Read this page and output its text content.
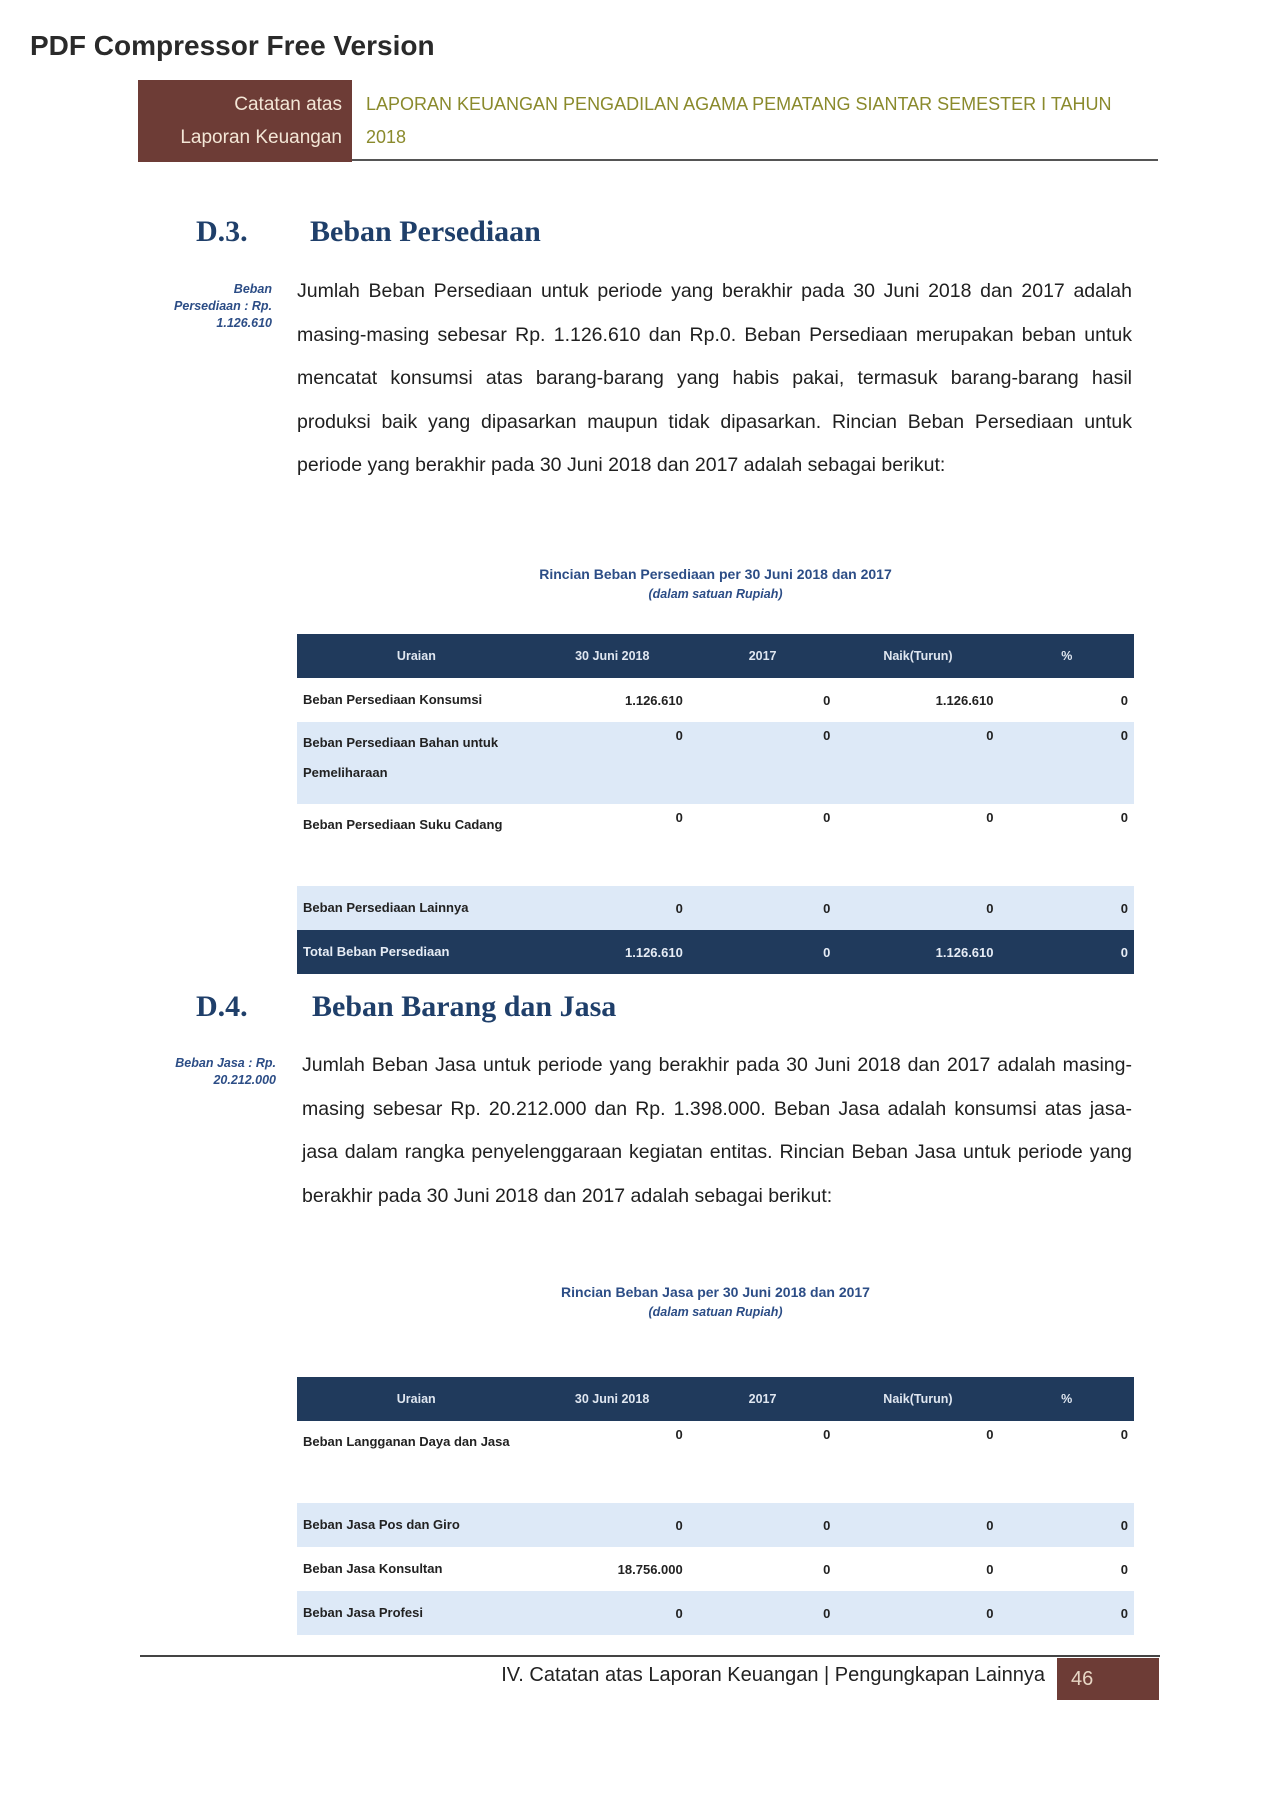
PDF Compressor Free Version
Catatan atas
Laporan Keuangan
LAPORAN KEUANGAN PENGADILAN AGAMA PEMATANG SIANTAR SEMESTER I TAHUN
2018
D.3. Beban Persediaan
Beban
Persediaan : Rp.
1.126.610
Jumlah Beban Persediaan untuk periode yang berakhir pada 30 Juni 2018 dan 2017 adalah masing-masing sebesar Rp. 1.126.610 dan Rp.0. Beban Persediaan merupakan beban untuk mencatat konsumsi atas barang-barang yang habis pakai, termasuk barang-barang hasil produksi baik yang dipasarkan maupun tidak dipasarkan. Rincian Beban Persediaan untuk periode yang berakhir pada 30 Juni 2018 dan 2017 adalah sebagai berikut:
Rincian Beban Persediaan per 30 Juni 2018 dan 2017
(dalam satuan Rupiah)
Uraian	30 Juni 2018	2017	Naik(Turun)	%
Beban Persediaan Konsumsi	1.126.610	0	1.126.610	0
Beban Persediaan Bahan untuk Pemeliharaan	0	0	0	0
Beban Persediaan Suku Cadang	0	0	0	0
Beban Persediaan Lainnya	0	0	0	0
Total Beban Persediaan	1.126.610	0	1.126.610	0
D.4. Beban Barang dan Jasa
Beban Jasa : Rp.
20.212.000
Jumlah Beban Jasa untuk periode yang berakhir pada 30 Juni 2018 dan 2017 adalah masing-masing sebesar Rp. 20.212.000 dan Rp. 1.398.000. Beban Jasa adalah konsumsi atas jasa-jasa dalam rangka penyelenggaraan kegiatan entitas. Rincian Beban Jasa untuk periode yang berakhir pada 30 Juni 2018 dan 2017 adalah sebagai berikut:
Rincian Beban Jasa per 30 Juni 2018 dan 2017
(dalam satuan Rupiah)
Uraian	30 Juni 2018	2017	Naik(Turun)	%
Beban Langganan Daya dan Jasa	0	0	0	0
Beban Jasa Pos dan Giro	0	0	0	0
Beban Jasa Konsultan	18.756.000	0	0	0
Beban Jasa Profesi	0	0	0	0
IV. Catatan atas Laporan Keuangan | Pengungkapan Lainnya	46
